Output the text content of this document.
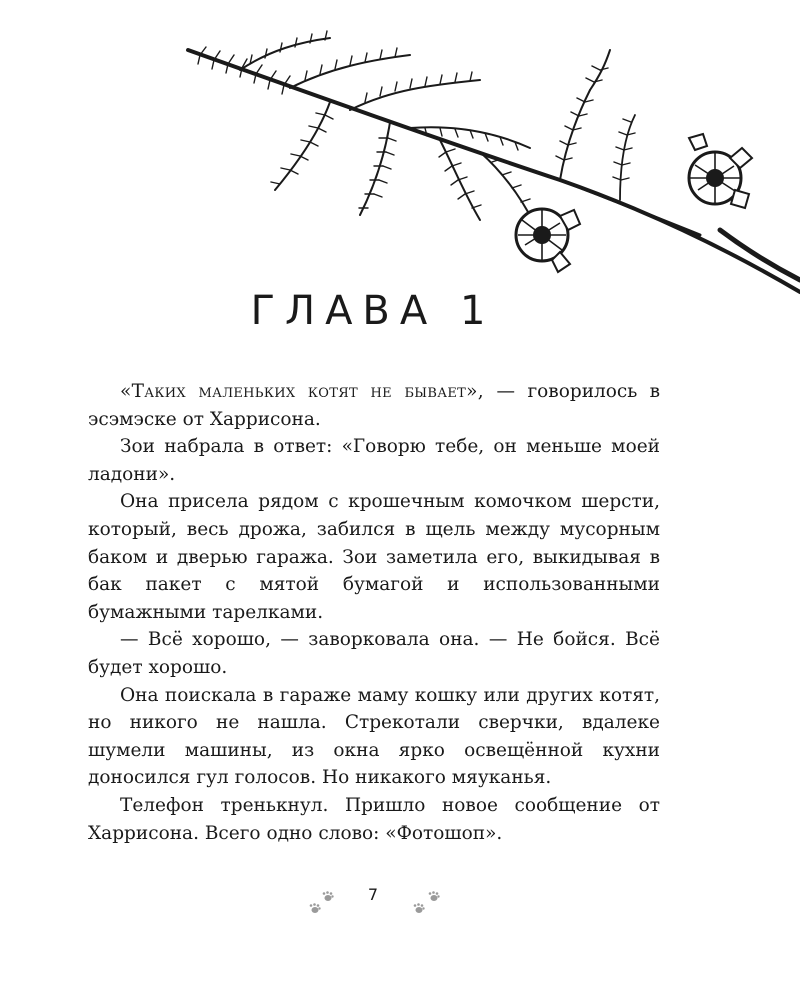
ГЛАВА 1

«Таких маленьких котят не бывает», — говорилось в эсэмэске от Харрисона.

Зои набрала в ответ: «Говорю тебе, он меньше моей ладони».

Она присела рядом с крошечным комочком шерсти, который, весь дрожа, забился в щель между мусорным баком и дверью гаража. Зои заметила его, выкидывая в бак пакет с мятой бумагой и использованными бумажными тарелками.

— Всё хорошо, — заворковала она. — Не бойся. Всё будет хорошо.

Она поискала в гараже маму кошку или других котят, но никого не нашла. Стрекотали сверчки, вдалеке шумели машины, из окна ярко освещённой кухни доносился гул голосов. Но никакого мяуканья.

Телефон тренькнул. Пришло новое сообщение от Харрисона. Всего одно слово: «Фотошоп».

7
